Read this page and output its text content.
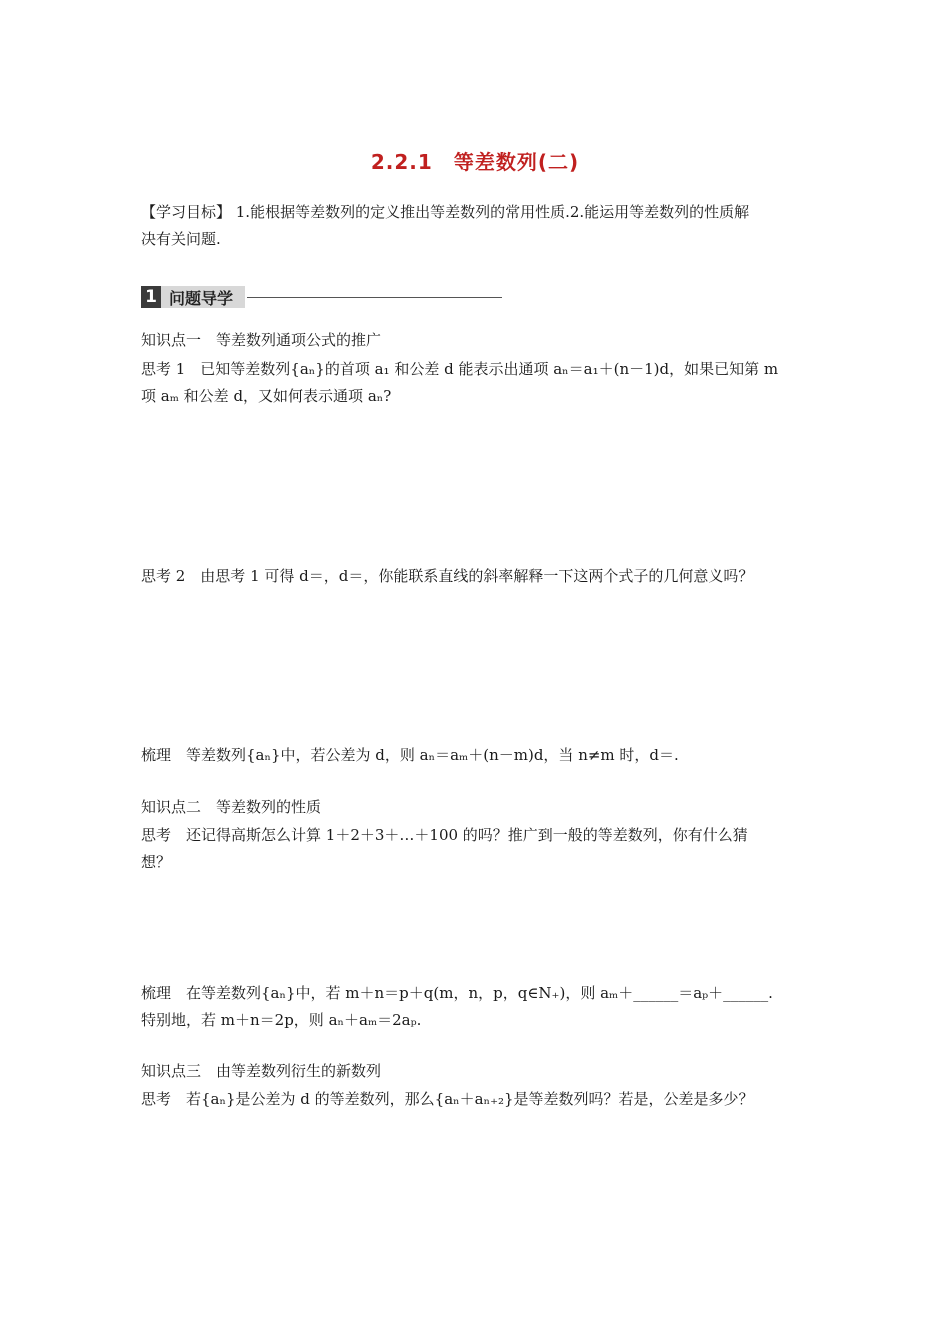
2.2.1　等差数列(二)
【学习目标】 1.能根据等差数列的定义推出等差数列的常用性质.2.能运用等差数列的性质解
决有关问题.
1 问题导学
知识点一　等差数列通项公式的推广
思考 1　已知等差数列{aₙ}的首项 a₁ 和公差 d 能表示出通项 aₙ＝a₁＋(n－1)d，如果已知第 m
项 aₘ 和公差 d，又如何表示通项 aₙ?
思考 2　由思考 1 可得 d＝，d＝，你能联系直线的斜率解释一下这两个式子的几何意义吗？
梳理　等差数列{aₙ}中，若公差为 d，则 aₙ＝aₘ＋(n－m)d，当 n≠m 时，d＝.
知识点二　等差数列的性质
思考　还记得高斯怎么计算 1＋2＋3＋…＋100 的吗？推广到一般的等差数列，你有什么猜
想？
梳理　在等差数列{aₙ}中，若 m＋n＝p＋q(m，n，p，q∈N₊)，则 aₘ＋______＝aₚ＋______.
特别地，若 m＋n＝2p，则 aₙ＋aₘ＝2aₚ.
知识点三　由等差数列衍生的新数列
思考　若{aₙ}是公差为 d 的等差数列，那么{aₙ＋aₙ₊₂}是等差数列吗？若是，公差是多少？
